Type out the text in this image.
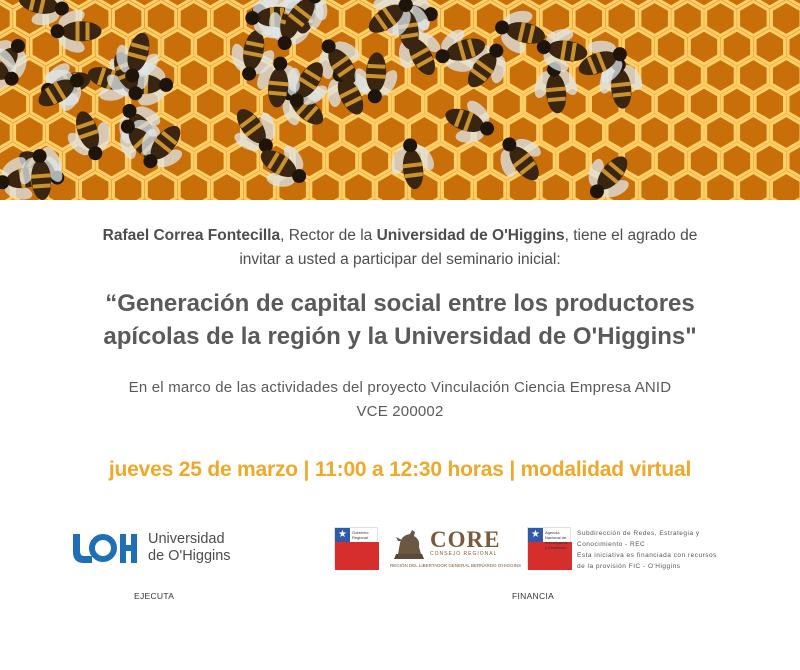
Rafael Correa Fontecilla, Rector de la Universidad de O'Higgins, tiene el agrado de
invitar a usted a participar del seminario inicial:
“Generación de capital social entre los productores
apícolas de la región y la Universidad de O'Higgins"
En el marco de las actividades del proyecto Vinculación Ciencia Empresa ANID
VCE 200002
jueves 25 de marzo | 11:00 a 12:30 horas | modalidad virtual
Universidad
de O'Higgins
★ Gobierno Regional	CORE
CONSEJO REGIONAL
REGIÓN DEL LIBERTADOR GENERAL BERNARDO O'HIGGINS
★ Agencia Nacional de Investigación y Desarrollo
Subdirección de Redes, Estrategia y
Conocimiento - REC
Esta iniciativa es financiada con recursos
de la provisión FIC - O'Higgins
EJECUTA	FINANCIA
